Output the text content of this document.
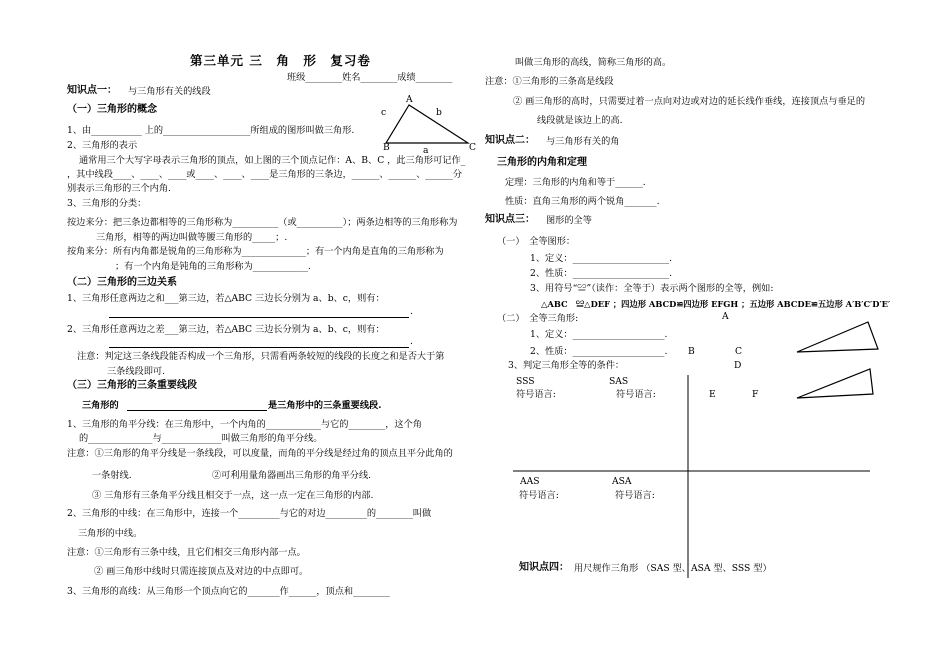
第三单元 三　角　形　复习卷
班级________姓名________成绩________
知识点一： 与三角形有关的线段
（一）三角形的概念
A
B	C
a
b
c
1、由___________ 上的___________________所组成的图形叫做三角形.
2、三角形的表示
通常用三个大写字母表示三角形的顶点，如上图的三个顶点记作：A、B、C ，此三角形可记作_
，其中线段____、____、____或____、____、____是三角形的三条边，______、______、______分
别表示三角形的三个内角.
3、三角形的分类：
按边来分：把三条边都相等的三角形称为__________（或__________）；两条边相等的三角形称为
三角形，相等的两边叫做等腰三角形的_____；.
按角来分：所有内角都是锐角的三角形称为______________；有一个内角是直角的三角形称为
；有一个内角是钝角的三角形称为____________.
（二）三角形的三边关系
1、三角形任意两边之和___第三边，若△ABC 三边长分别为 a、b、c，则有：
.
2、三角形任意两边之差___第三边，若△ABC 三边长分别为 a、b、c，则有：
.
注意：判定这三条线段能否构成一个三角形，只需看两条较短的线段的长度之和是否大于第
三条线段即可.
（三）三角形的三条重要线段
三角形的	是三角形中的三条重要线段.
1、三角形的角平分线：在三角形中，一个内角的____________与它的________，这个角
的______________与_____________叫做三角形的角平分线。
注意：①三角形的角平分线是一条线段，可以度量，而角的平分线是经过角的顶点且平分此角的
一条射线.	②可利用量角器画出三角形的角平分线.
③ 三角形有三条角平分线且相交于一点，这一点一定在三角形的内部.
2、三角形的中线：在三角形中，连接一个_________与它的对边_________的________叫做
三角形的中线。
注意：①三角形有三条中线，且它们相交三角形内部一点。
② 画三角形中线时只需连接顶点及对边的中点即可。
3、三角形的高线：从三角形一个顶点向它的_______作______，顶点和________
叫做三角形的高线，简称三角形的高。
注意：①三角形的三条高是线段
② 画三角形的高时，只需要过着一点向对边或对边的延长线作垂线，连接顶点与垂足的
线段就是该边上的高.
知识点二： 与三角形有关的角
三角形的内角和定理
定理：三角形的内角和等于______.
性质：直角三角形的两个锐角_______.
知识点三： 图形的全等
（一）　全等图形：
1、定义：_____________________.
2、性质：_____________________.
3、用符号“≌”（读作：全等于）表示两个图形的全等，例如:
△ABC　≌△DEF ；四边形 ABCD≌四边形 EFGH ；五边形 ABCDE≌五边形 A′B′C′D′E′
（二）　全等三角形:
1、定义：____________________.
2、性质：____________________.
3、判定三角形全等的条件：
A
B	C
D
E	F
SSS	SAS
符号语言:	符号语言:
AAS	ASA
符号语言:	符号语言:
知识点四： 用尺规作三角形 （SAS 型、ASA 型、SSS 型）
